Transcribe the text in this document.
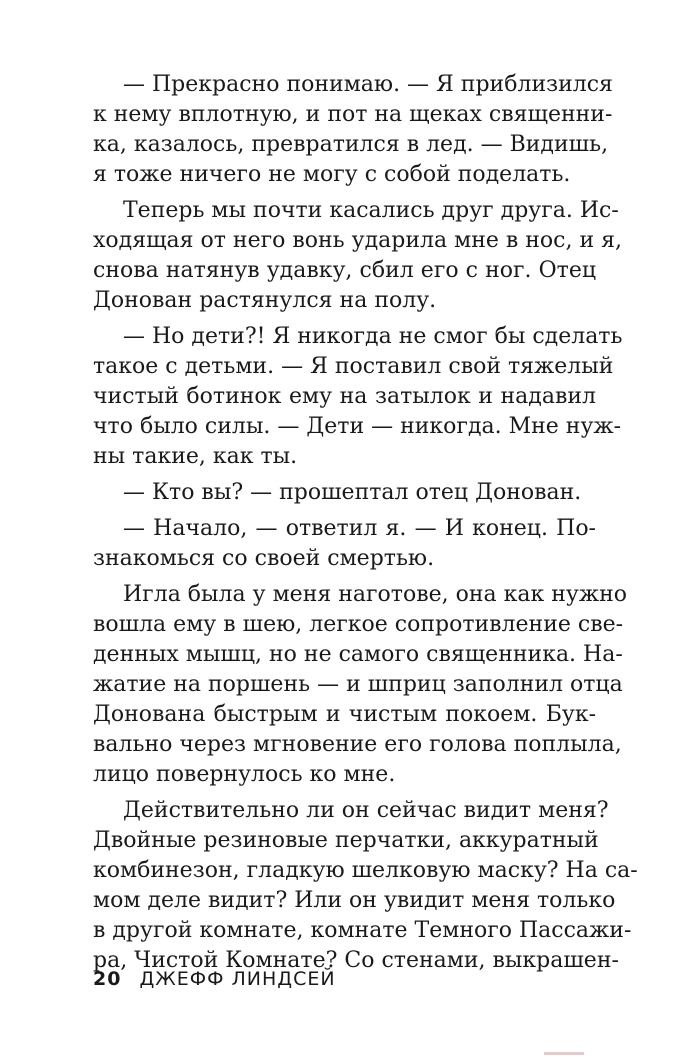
— Прекрасно понимаю. — Я приблизился
к нему вплотную, и пот на щеках священни-
ка, казалось, превратился в лед. — Видишь,
я тоже ничего не могу с собой поделать.
Теперь мы почти касались друг друга. Ис-
ходящая от него вонь ударила мне в нос, и я,
снова натянув удавку, сбил его с ног. Отец
Донован растянулся на полу.
— Но дети?! Я никогда не смог бы сделать
такое с детьми. — Я поставил свой тяжелый
чистый ботинок ему на затылок и надавил
что было силы. — Дети — никогда. Мне нуж-
ны такие, как ты.
— Кто вы? — прошептал отец Донован.
— Начало, — ответил я. — И конец. По-
знакомься со своей смертью.
Игла была у меня наготове, она как нужно
вошла ему в шею, легкое сопротивление све-
денных мышц, но не самого священника. На-
жатие на поршень — и шприц заполнил отца
Донована быстрым и чистым покоем. Бук-
вально через мгновение его голова поплыла,
лицо повернулось ко мне.
Действительно ли он сейчас видит меня?
Двойные резиновые перчатки, аккуратный
комбинезон, гладкую шелковую маску? На са-
мом деле видит? Или он увидит меня только
в другой комнате, комнате Темного Пассажи-
ра, Чистой Комнате? Со стенами, выкрашен-
20 ДЖЕФФ ЛИНДСЕЙ
